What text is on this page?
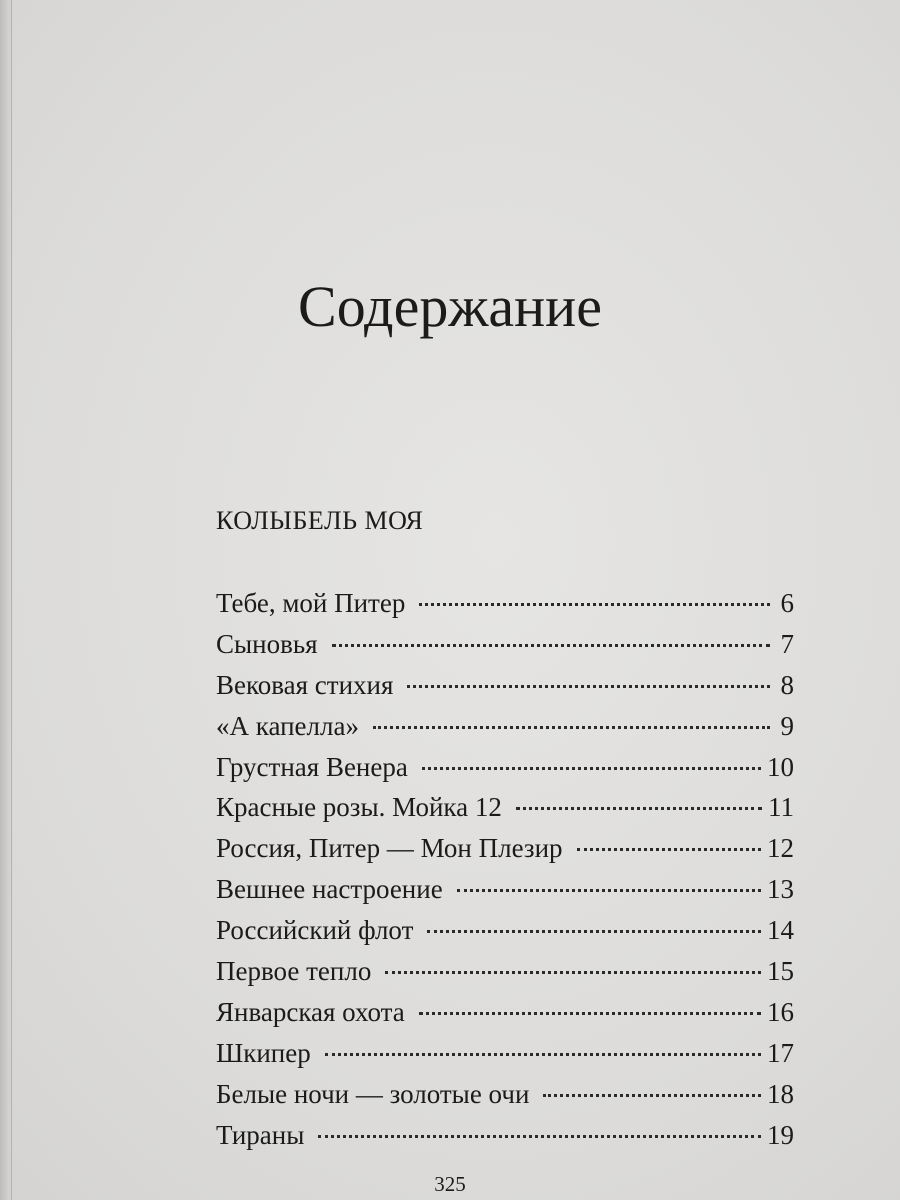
Содержание
КОЛЫБЕЛЬ МОЯ
Тебе, мой Питер	6
Сыновья	7
Вековая стихия	8
«А капелла»	9
Грустная Венера	10
Красные розы. Мойка 12	11
Россия, Питер — Мон Плезир	12
Вешнее настроение	13
Российский флот	14
Первое тепло	15
Январская охота	16
Шкипер	17
Белые ночи — золотые очи	18
Тираны	19
325
